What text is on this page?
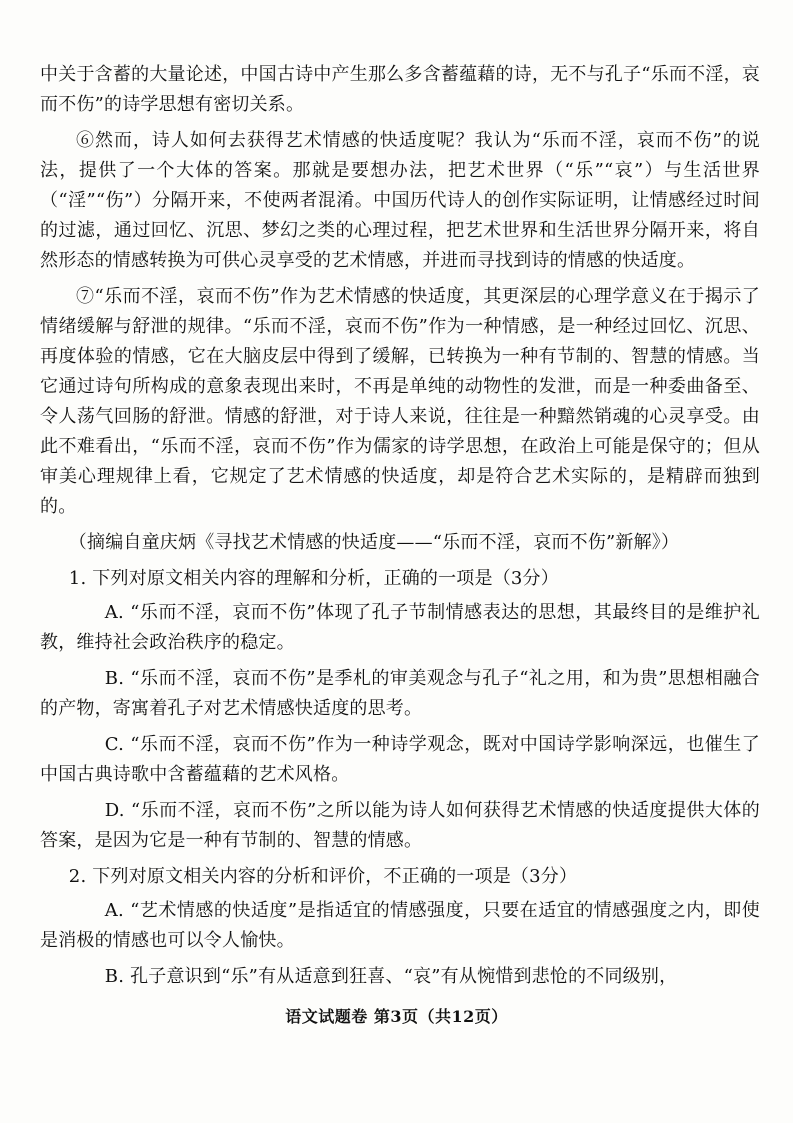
中关于含蓄的大量论述，中国古诗中产生那么多含蓄蕴藉的诗，无不与孔子“乐而不淫，哀而不伤”的诗学思想有密切关系。

⑥然而，诗人如何去获得艺术情感的快适度呢？我认为“乐而不淫，哀而不伤”的说法，提供了一个大体的答案。那就是要想办法，把艺术世界（“乐”“哀”）与生活世界（“淫”“伤”）分隔开来，不使两者混淆。中国历代诗人的创作实际证明，让情感经过时间的过滤，通过回忆、沉思、梦幻之类的心理过程，把艺术世界和生活世界分隔开来，将自然形态的情感转换为可供心灵享受的艺术情感，并进而寻找到诗的情感的快适度。

⑦“乐而不淫，哀而不伤”作为艺术情感的快适度，其更深层的心理学意义在于揭示了情绪缓解与舒泄的规律。“乐而不淫，哀而不伤”作为一种情感，是一种经过回忆、沉思、再度体验的情感，它在大脑皮层中得到了缓解，已转换为一种有节制的、智慧的情感。当它通过诗句所构成的意象表现出来时，不再是单纯的动物性的发泄，而是一种委曲备至、令人荡气回肠的舒泄。情感的舒泄，对于诗人来说，往往是一种黯然销魂的心灵享受。由此不难看出，“乐而不淫，哀而不伤”作为儒家的诗学思想，在政治上可能是保守的；但从审美心理规律上看，它规定了艺术情感的快适度，却是符合艺术实际的，是精辟而独到的。

（摘编自童庆炳《寻找艺术情感的快适度——“乐而不淫，哀而不伤”新解》）

1. 下列对原文相关内容的理解和分析，正确的一项是（3分）

A. “乐而不淫，哀而不伤”体现了孔子节制情感表达的思想，其最终目的是维护礼教，维持社会政治秩序的稳定。

B. “乐而不淫，哀而不伤”是季札的审美观念与孔子“礼之用，和为贵”思想相融合的产物，寄寓着孔子对艺术情感快适度的思考。

C. “乐而不淫，哀而不伤”作为一种诗学观念，既对中国诗学影响深远，也催生了中国古典诗歌中含蓄蕴藉的艺术风格。

D. “乐而不淫，哀而不伤”之所以能为诗人如何获得艺术情感的快适度提供大体的答案，是因为它是一种有节制的、智慧的情感。

2. 下列对原文相关内容的分析和评价，不正确的一项是（3分）

A. “艺术情感的快适度”是指适宜的情感强度，只要在适宜的情感强度之内，即使是消极的情感也可以令人愉快。

B. 孔子意识到“乐”有从适意到狂喜、“哀”有从惋惜到悲怆的不同级别，

语文试题卷 第3页（共12页）
